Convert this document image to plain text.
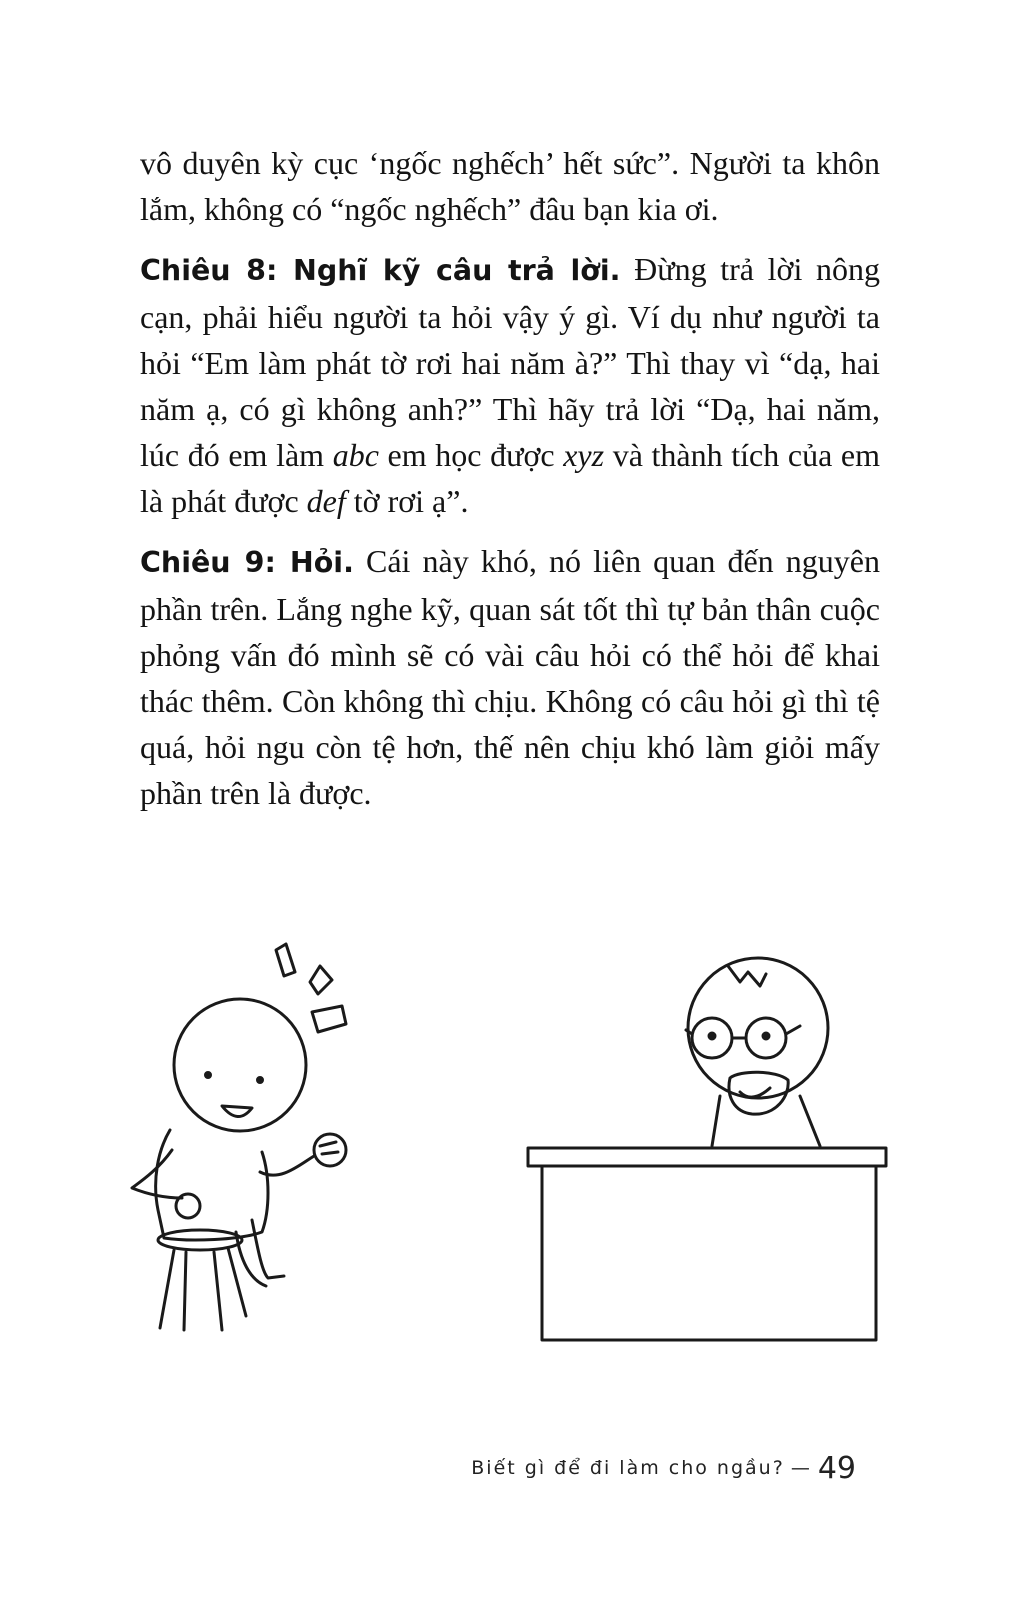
vô duyên kỳ cục ‘ngốc nghếch’ hết sức”. Người ta khôn lắm, không có “ngốc nghếch” đâu bạn kia ơi.

Chiêu 8: Nghĩ kỹ câu trả lời. Đừng trả lời nông cạn, phải hiểu người ta hỏi vậy ý gì. Ví dụ như người ta hỏi “Em làm phát tờ rơi hai năm à?” Thì thay vì “dạ, hai năm ạ, có gì không anh?” Thì hãy trả lời “Dạ, hai năm, lúc đó em làm abc em học được xyz và thành tích của em là phát được def tờ rơi ạ”.

Chiêu 9: Hỏi. Cái này khó, nó liên quan đến nguyên phần trên. Lắng nghe kỹ, quan sát tốt thì tự bản thân cuộc phỏng vấn đó mình sẽ có vài câu hỏi có thể hỏi để khai thác thêm. Còn không thì chịu. Không có câu hỏi gì thì tệ quá, hỏi ngu còn tệ hơn, thế nên chịu khó làm giỏi mấy phần trên là được.

Biết gì để đi làm cho ngầu? — 49
